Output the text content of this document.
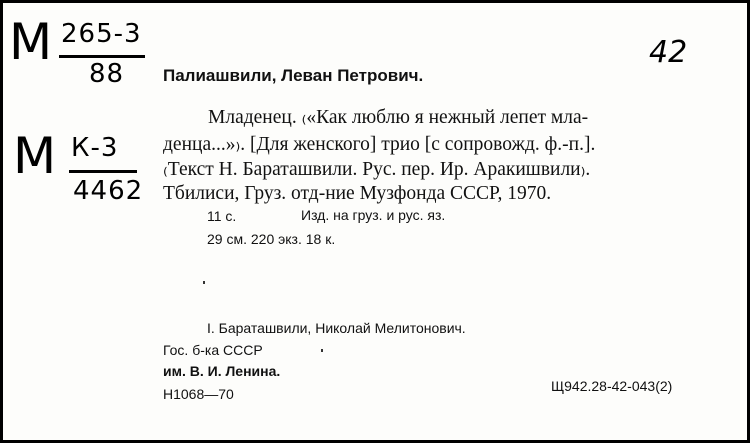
М 265-3
88
М К-3
4462
42
Палиашвили, Леван Петрович.
Младенец. ₍«Как люблю я нежный лепет мла-
денца...»₎. [Для женского] трио [с сопровожд. ф.-п.].
₍Текст Н. Бараташвили. Рус. пер. Ир. Аракишвили₎.
Тбилиси, Груз. отд-ние Музфонда СССР, 1970.
11 с.	Изд. на груз. и рус. яз.
29 см. 220 экз. 18 к.
I. Бараташвили, Николай Мелитонович.
Гос. б-ка СССР
им. В. И. Ленина.
Н1068—70	Щ942.28-42-043(2)
